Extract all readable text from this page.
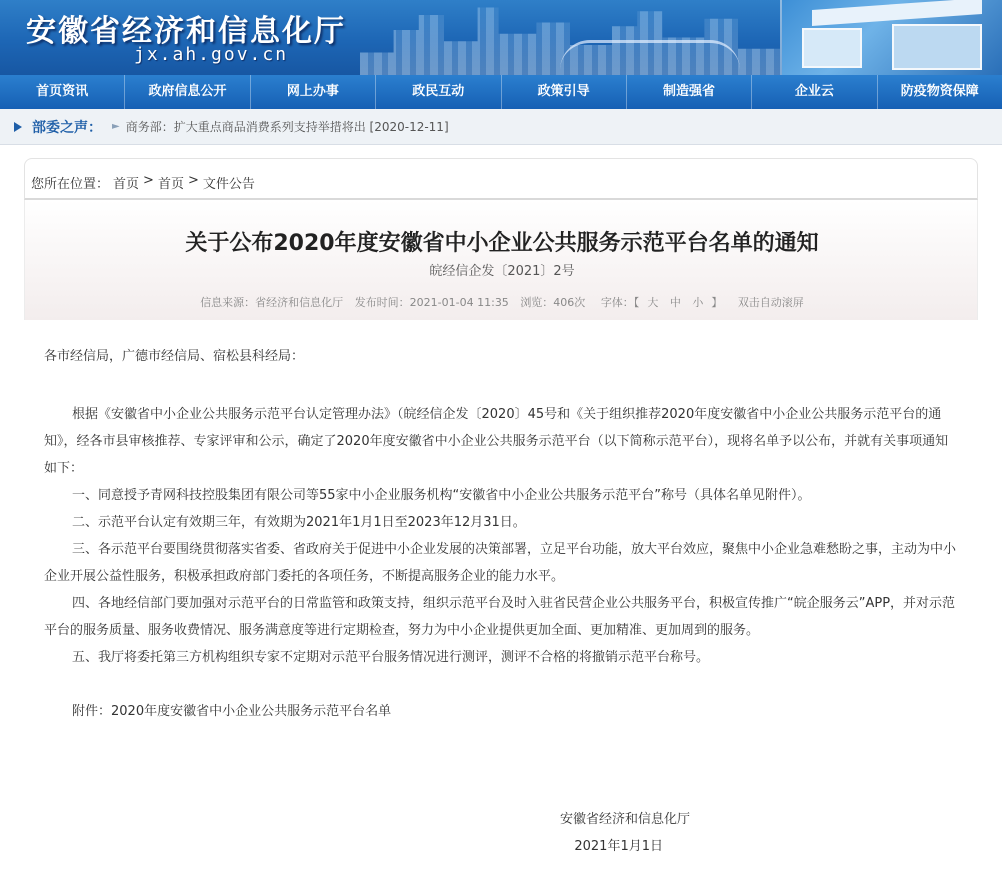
安徽省经济和信息化厅
jx.ah.gov.cn
首页资讯	政府信息公开	网上办事	政民互动	政策引导	制造强省	企业云	防疫物资保障
部委之声： ► 商务部：扩大重点商品消费系列支持举措将出 [2020-12-11]
您所在位置： 首页 > 首页 > 文件公告
关于公布2020年度安徽省中小企业公共服务示范平台名单的通知
皖经信企发〔2021〕2号
信息来源：省经济和信息化厅 发布时间：2021-01-04 11:35 浏览：406次 字体：【 大 中 小 】 双击自动滚屏

各市经信局，广德市经信局、宿松县科经局：

根据《安徽省中小企业公共服务示范平台认定管理办法》（皖经信企发〔2020〕45号和《关于组织推荐2020年度安徽省中小企业公共服务示范平台的通知》，经各市县审核推荐、专家评审和公示，确定了2020年度安徽省中小企业公共服务示范平台（以下简称示范平台），现将名单予以公布，并就有关事项通知如下：

一、同意授予青网科技控股集团有限公司等55家中小企业服务机构“安徽省中小企业公共服务示范平台”称号（具体名单见附件）。

二、示范平台认定有效期三年，有效期为2021年1月1日至2023年12月31日。

三、各示范平台要围绕贯彻落实省委、省政府关于促进中小企业发展的决策部署，立足平台功能，放大平台效应，聚焦中小企业急难愁盼之事，主动为中小企业开展公益性服务，积极承担政府部门委托的各项任务，不断提高服务企业的能力水平。

四、各地经信部门要加强对示范平台的日常监管和政策支持，组织示范平台及时入驻省民营企业公共服务平台，积极宣传推广“皖企服务云”APP，并对示范平台的服务质量、服务收费情况、服务满意度等进行定期检查，努力为中小企业提供更加全面、更加精准、更加周到的服务。

五、我厅将委托第三方机构组织专家不定期对示范平台服务情况进行测评，测评不合格的将撤销示范平台称号。

附件：2020年度安徽省中小企业公共服务示范平台名单

安徽省经济和信息化厅

2021年1月1日
